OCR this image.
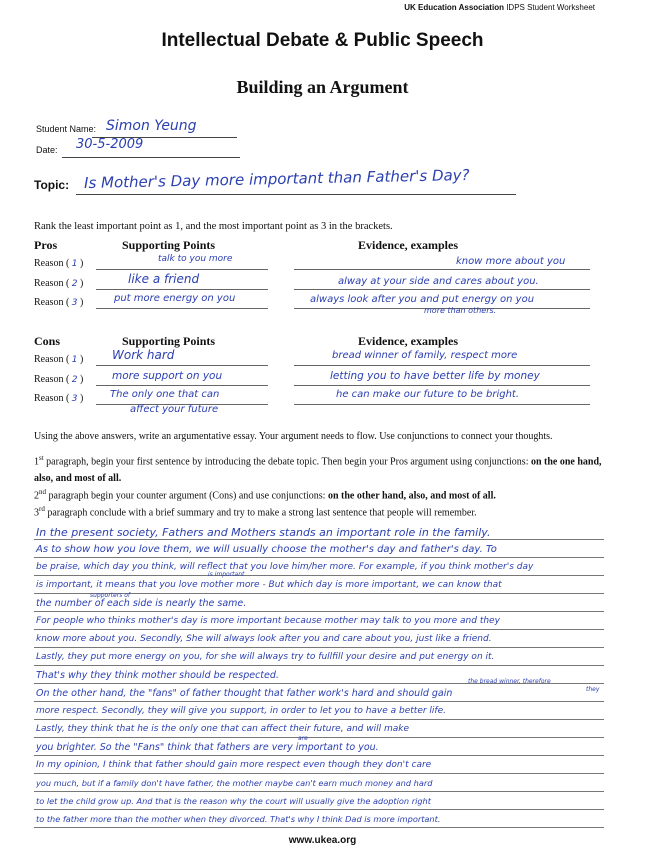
UK Education Association IDPS Student Worksheet
Intellectual Debate & Public Speech
Building an Argument
Student Name: Simon Yeung
Date: 30-5-2009
Topic: Is Mother's Day more important than Father's Day?
Rank the least important point as 1, and the most important point as 3 in the brackets.
Pros	Supporting Points	Evidence, examples
Reason ( 1 )	talk to you more	know more about you
Reason ( 2 )	like a friend	alway at your side and cares about you.
Reason ( 3 )	put more energy on you	always look after you and put energy on you
more than others.
Cons	Supporting Points	Evidence, examples
Reason ( 1 ) Work hard	bread winner of family, respect more
Reason ( 2 )	more support on you	letting you to have better life by money
Reason ( 3 )	The only one that can
affect your future
he can make our future to be bright.
Using the above answers, write an argumentative essay. Your argument needs to flow. Use conjunctions to connect your thoughts.
1st paragraph, begin your first sentence by introducing the debate topic. Then begin your Pros argument using conjunctions: on the one hand, also, and most of all.
2nd paragraph begin your counter argument (Cons) and use conjunctions: on the other hand, also, and most of all.
3rd paragraph conclude with a brief summary and try to make a strong last sentence that people will remember.
In the present society, Fathers and Mothers stands an important role in the family.
As to show how you love them, we will usually choose the mother's day and father's day. To
be praise, which day you think, will reflect that you love him/her more. For example, if you think mother's day
is important
is important, it means that you love mother more - But which day is more important, we can know that
supporters of
the number of each side is nearly the same.
For people who thinks mother's day is more important because mother may talk to you more and they
know more about you. Secondly, She will always look after you and care about you, just like a friend.
Lastly, they put more energy on you, for she will always try to fullfill your desire and put energy on it.
That's why they think mother should be respected.
the bread winner, therefore
they
On the other hand, the "fans" of father thought that father work's hard and should gain
more respect. Secondly, they will give you support, in order to let you to have a better life.
Lastly, they think that he is the only one that can affect their future, and will make
are
you brighter. So the "Fans" think that fathers are very important to you.
In my opinion, I think that father should gain more respect even though they don't care
you much, but if a family don't have father, the mother maybe can't earn much money and hard
to let the child grow up. And that is the reason why the court will usually give the adoption right
to the father more than the mother when they divorced. That's why I think Dad is more important.
www.ukea.org
